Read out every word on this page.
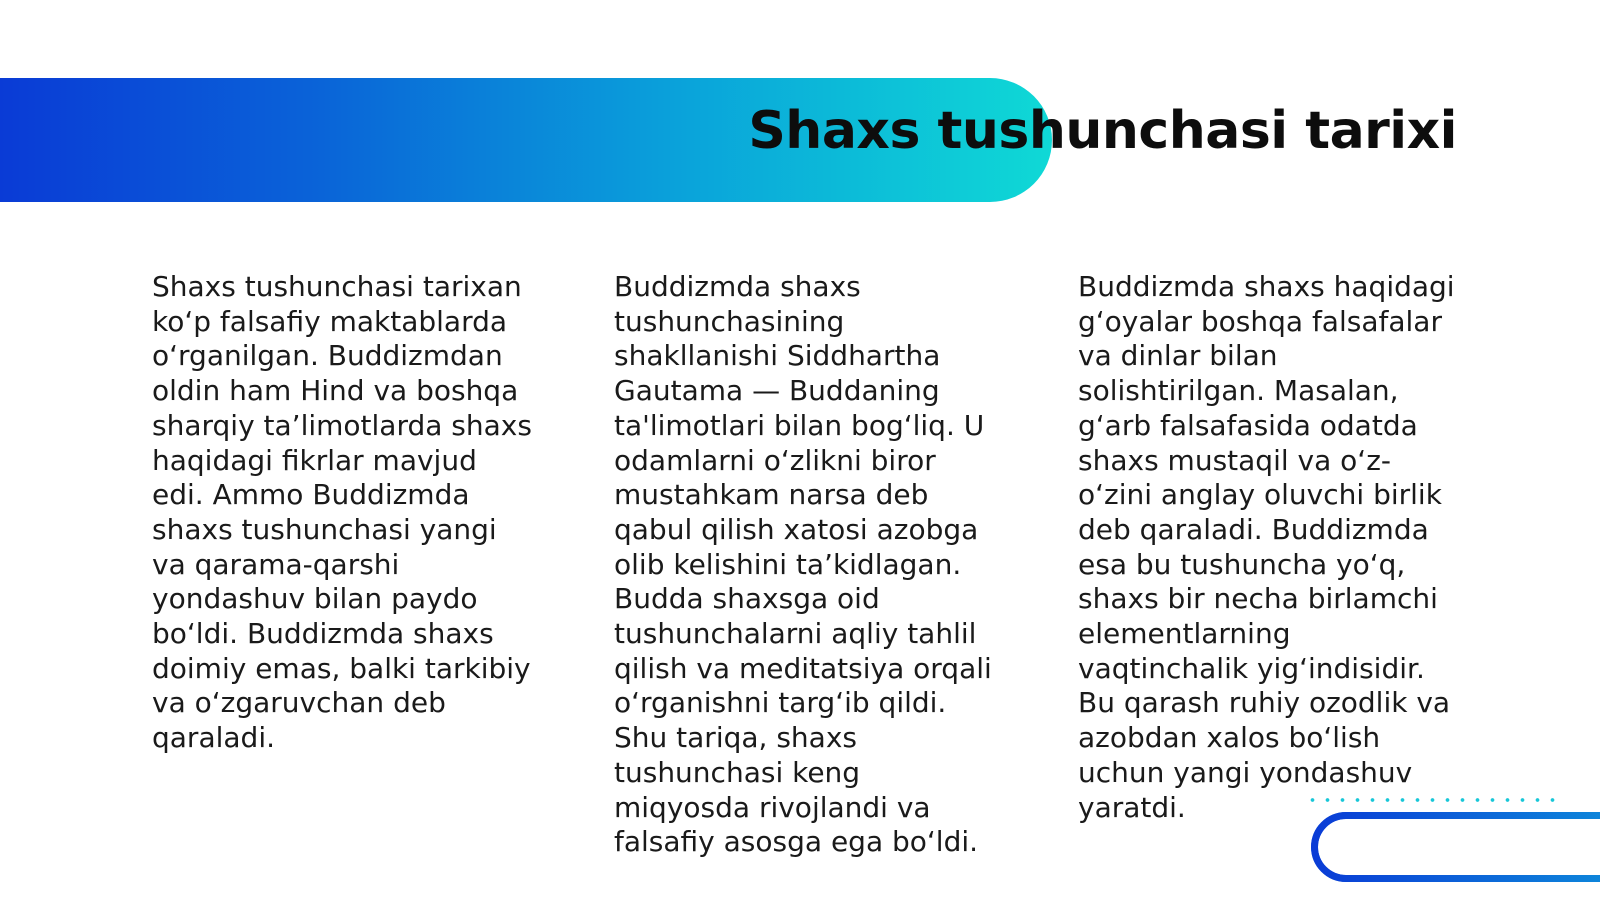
Shaxs tushunchasi tarixi

Shaxs tushunchasi tarixan ko‘p falsafiy maktablarda o‘rganilgan. Buddizmdan oldin ham Hind va boshqa sharqiy ta’limotlarda shaxs haqidagi fikrlar mavjud edi. Ammo Buddizmda shaxs tushunchasi yangi va qarama-qarshi yondashuv bilan paydo bo‘ldi. Buddizmda shaxs doimiy emas, balki tarkibiy va o‘zgaruvchan deb qaraladi.

Buddizmda shaxs tushunchasining shakllanishi Siddhartha Gautama — Buddaning ta'limotlari bilan bog‘liq. U odamlarni o‘zlikni biror mustahkam narsa deb qabul qilish xatosi azobga olib kelishini ta’kidlagan. Budda shaxsga oid tushunchalarni aqliy tahlil qilish va meditatsiya orqali o‘rganishni targ‘ib qildi. Shu tariqa, shaxs tushunchasi keng miqyosda rivojlandi va falsafiy asosga ega bo‘ldi.

Buddizmda shaxs haqidagi g‘oyalar boshqa falsafalar va dinlar bilan solishtirilgan. Masalan, g‘arb falsafasida odatda shaxs mustaqil va o‘z-o‘zini anglay oluvchi birlik deb qaraladi. Buddizmda esa bu tushuncha yo‘q, shaxs bir necha birlamchi elementlarning vaqtinchalik yig‘indisidir. Bu qarash ruhiy ozodlik va azobdan xalos bo‘lish uchun yangi yondashuv yaratdi.
